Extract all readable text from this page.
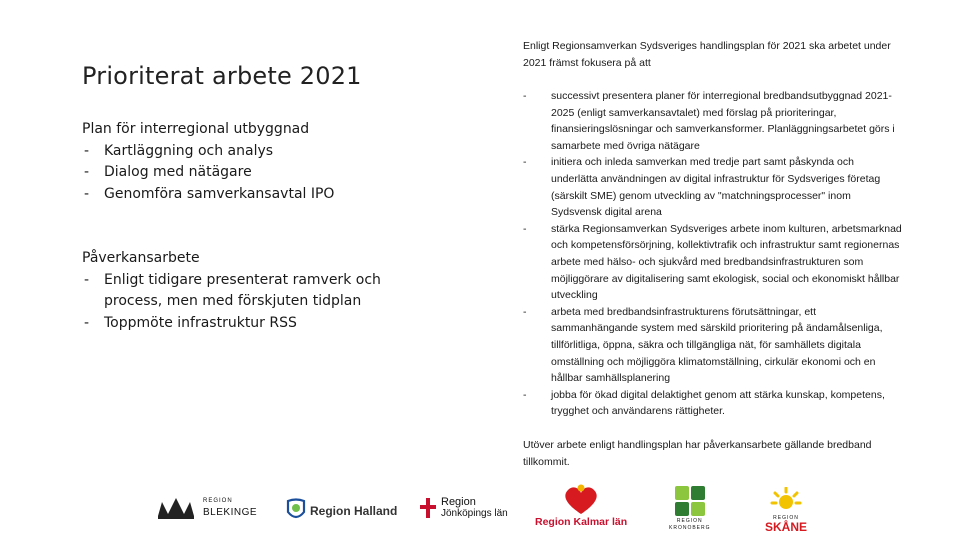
Prioriterat arbete 2021

Plan för interregional utbyggnad

- Kartläggning och analys
- Dialog med nätägare
- Genomföra samverkansavtal IPO

Påverkansarbete

- Enligt tidigare presenterat ramverk och process, men med förskjuten tidplan
- Toppmöte infrastruktur RSS

Enligt Regionsamverkan Sydsveriges handlingsplan för 2021 ska arbetet under 2021 främst fokusera på att

- successivt presentera planer för interregional bredbandsutbyggnad 2021-2025 (enligt samverkansavtalet) med förslag på prioriteringar, finansieringslösningar och samverkansformer. Planläggningsarbetet görs i samarbete med övriga nätägare
- initiera och inleda samverkan med tredje part samt påskynda och underlätta användningen av digital infrastruktur för Sydsveriges företag (särskilt SME) genom utveckling av "matchningsprocesser" inom Sydsvensk digital arena
- stärka Regionsamverkan Sydsveriges arbete inom kulturen, arbetsmarknad och kompetensförsörjning, kollektivtrafik och infrastruktur samt regionernas arbete med hälso- och sjukvård med bredbandsinfrastrukturen som möjliggörare av digitalisering samt ekologisk, social och ekonomiskt hållbar utveckling
- arbeta med bredbandsinfrastrukturens förutsättningar, ett sammanhängande system med särskild prioritering på ändamålsenliga, tillförlitliga, öppna, säkra och tillgängliga nät, för samhällets digitala omställning och möjliggöra klimatomställning, cirkulär ekonomi och en hållbar samhällsplanering
- jobba för ökad digital delaktighet genom att stärka kunskap, kompetens, trygghet och användarens rättigheter.

Utöver arbete enligt handlingsplan har påverkansarbete gällande bredband tillkommit.

REGION
BLEKINGE	Region Halland
Region
Jönköpings län
Region Kalmar län	REGION
KRONOBERG
REGION
SKÅNE
